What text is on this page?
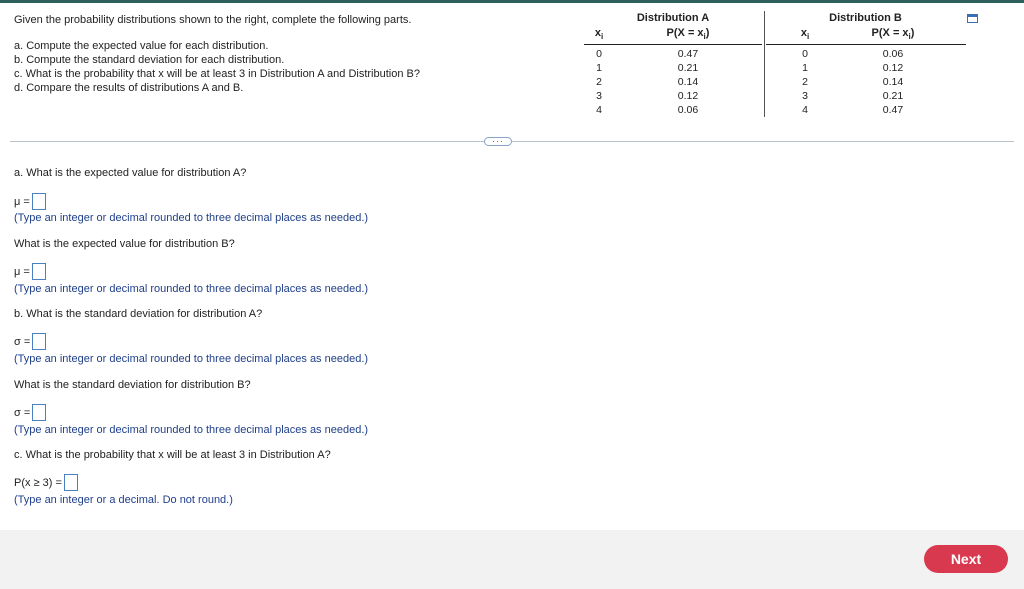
Given the probability distributions shown to the right, complete the following parts.
a. Compute the expected value for each distribution.
b. Compute the standard deviation for each distribution.
c. What is the probability that x will be at least 3 in Distribution A and Distribution B?
d. Compare the results of distributions A and B.
$x_i$
0
1
2
3
4
Distribution A
$P(X = x_i)$
0.47
0.21
0.14
0.12
0.06
$x_i$
0
1
2
3
4
Distribution B
$P(X = x_i)$
0.06
0.12
0.14
0.21
0.47
···
a. What is the expected value for distribution A?
μ =
(Type an integer or decimal rounded to three decimal places as needed.)
What is the expected value for distribution B?
μ =
(Type an integer or decimal rounded to three decimal places as needed.)
b. What is the standard deviation for distribution A?
σ =
(Type an integer or decimal rounded to three decimal places as needed.)
What is the standard deviation for distribution B?
σ =
(Type an integer or decimal rounded to three decimal places as needed.)
c. What is the probability that x will be at least 3 in Distribution A?
P(x ≥ 3) =
(Type an integer or a decimal. Do not round.)
Next
